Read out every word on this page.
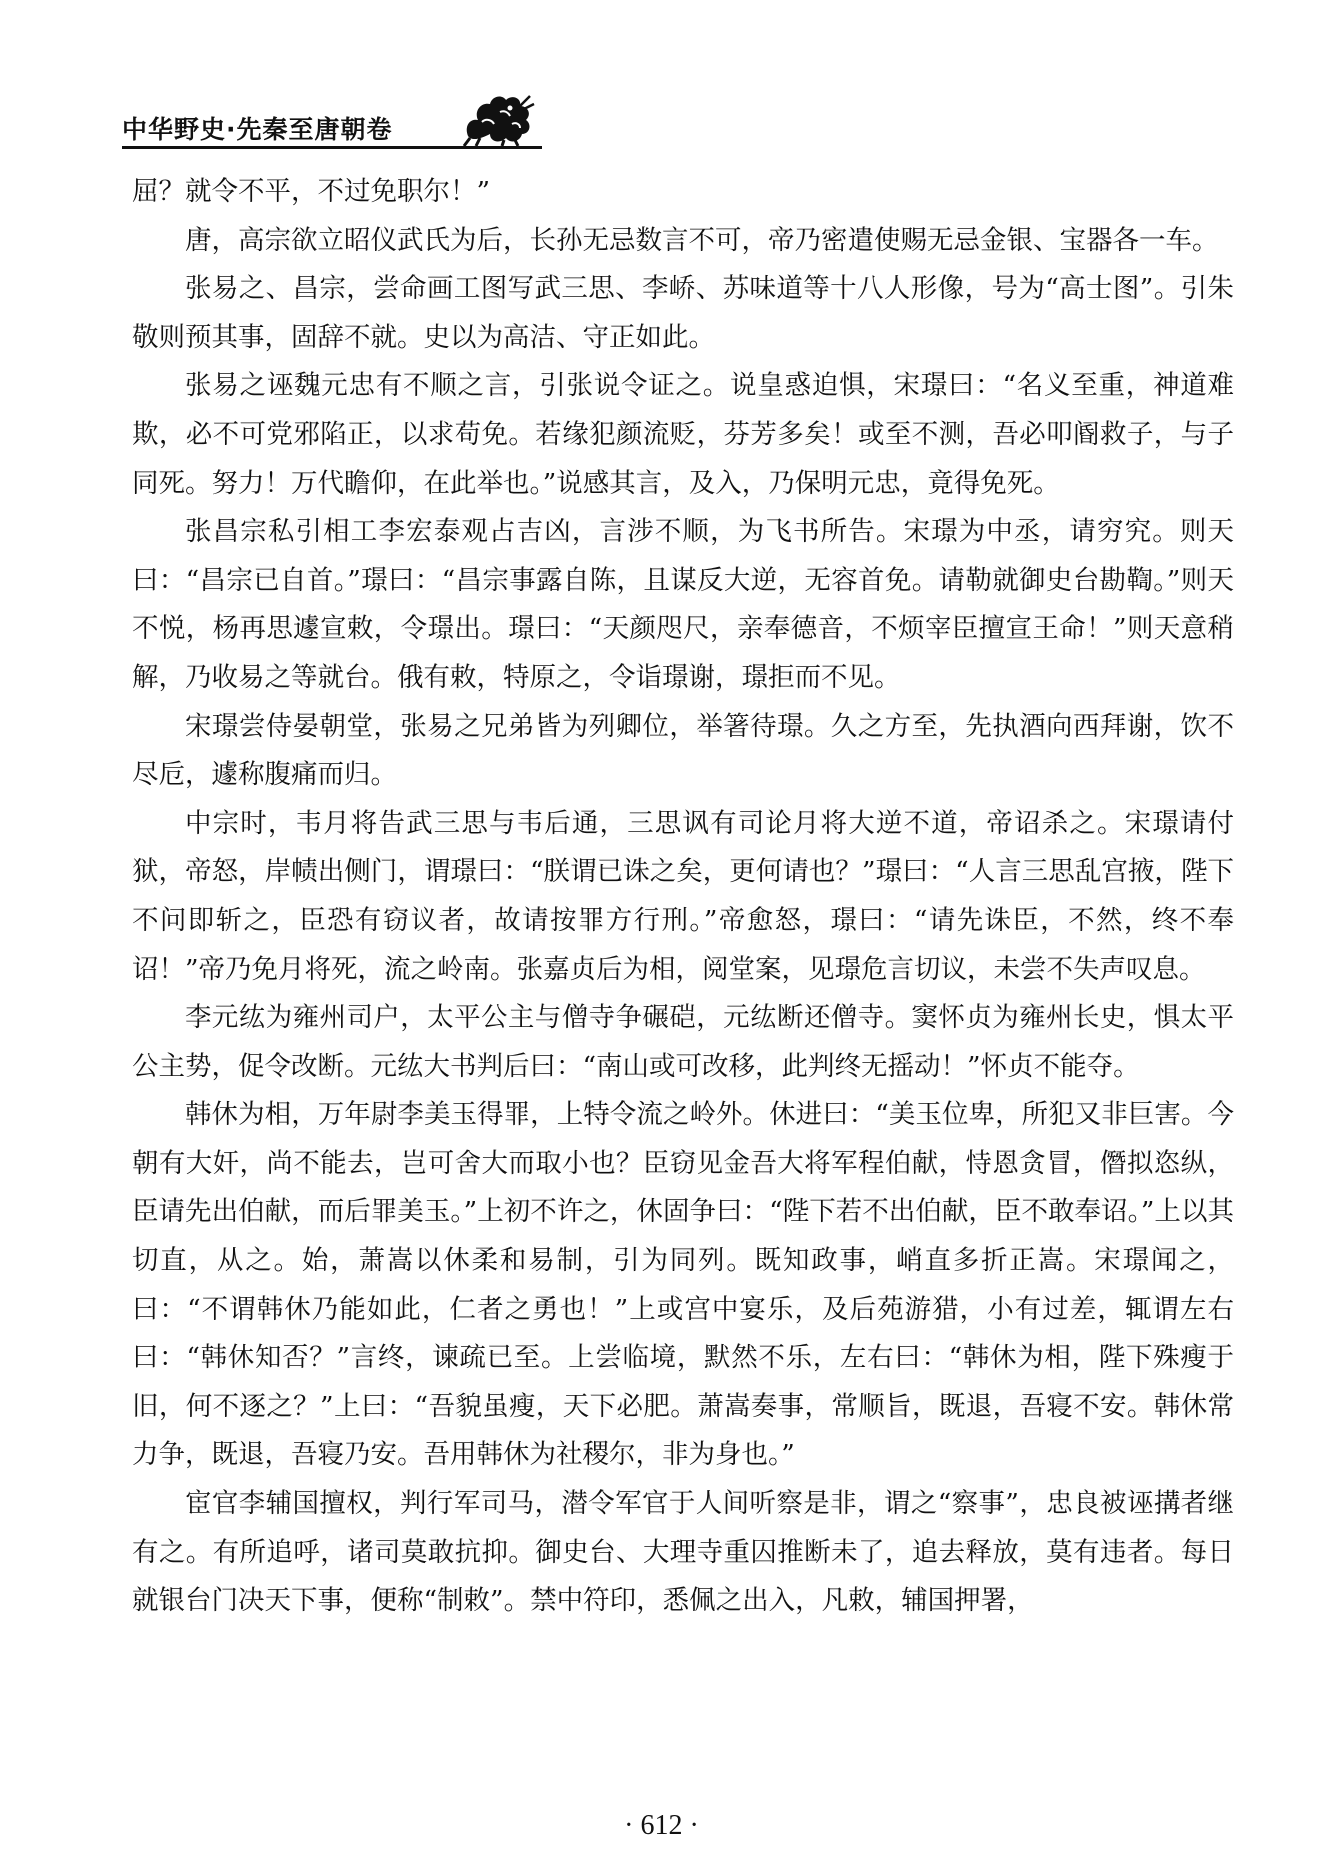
中华野史·先秦至唐朝卷

屈？就令不平，不过免职尔！”

唐，高宗欲立昭仪武氏为后，长孙无忌数言不可，帝乃密遣使赐无忌金银、宝器各一车。

张易之、昌宗，尝命画工图写武三思、李峤、苏味道等十八人形像，号为“高士图”。引朱敬则预其事，固辞不就。史以为高洁、守正如此。

张易之诬魏元忠有不顺之言，引张说令证之。说皇惑迫惧，宋璟曰：“名义至重，神道难欺，必不可党邪陷正，以求苟免。若缘犯颜流贬，芬芳多矣！或至不测，吾必叩阍救子，与子同死。努力！万代瞻仰，在此举也。”说感其言，及入，乃保明元忠，竟得免死。

张昌宗私引相工李宏泰观占吉凶，言涉不顺，为飞书所告。宋璟为中丞，请穷究。则天曰：“昌宗已自首。”璟曰：“昌宗事露自陈，且谋反大逆，无容首免。请勒就御史台勘鞫。”则天不悦，杨再思遽宣敕，令璟出。璟曰：“天颜咫尺，亲奉德音，不烦宰臣擅宣王命！”则天意稍解，乃收易之等就台。俄有敕，特原之，令诣璟谢，璟拒而不见。

宋璟尝侍晏朝堂，张易之兄弟皆为列卿位，举箸待璟。久之方至，先执酒向西拜谢，饮不尽卮，遽称腹痛而归。

中宗时，韦月将告武三思与韦后通，三思讽有司论月将大逆不道，帝诏杀之。宋璟请付狱，帝怒，岸帻出侧门，谓璟曰：“朕谓已诛之矣，更何请也？”璟曰：“人言三思乱宫掖，陛下不问即斩之，臣恐有窃议者，故请按罪方行刑。”帝愈怒，璟曰：“请先诛臣，不然，终不奉诏！”帝乃免月将死，流之岭南。张嘉贞后为相，阅堂案，见璟危言切议，未尝不失声叹息。

李元纮为雍州司户，太平公主与僧寺争碾硙，元纮断还僧寺。窦怀贞为雍州长史，惧太平公主势，促令改断。元纮大书判后曰：“南山或可改移，此判终无摇动！”怀贞不能夺。

韩休为相，万年尉李美玉得罪，上特令流之岭外。休进曰：“美玉位卑，所犯又非巨害。今朝有大奸，尚不能去，岂可舍大而取小也？臣窃见金吾大将军程伯献，恃恩贪冒，僭拟恣纵，臣请先出伯献，而后罪美玉。”上初不许之，休固争曰：“陛下若不出伯献，臣不敢奉诏。”上以其切直，从之。始，萧嵩以休柔和易制，引为同列。既知政事，峭直多折正嵩。宋璟闻之，曰：“不谓韩休乃能如此，仁者之勇也！”上或宫中宴乐，及后苑游猎，小有过差，辄谓左右曰：“韩休知否？”言终，谏疏已至。上尝临境，默然不乐，左右曰：“韩休为相，陛下殊瘦于旧，何不逐之？”上曰：“吾貌虽瘦，天下必肥。萧嵩奏事，常顺旨，既退，吾寝不安。韩休常力争，既退，吾寝乃安。吾用韩休为社稷尔，非为身也。”

宦官李辅国擅权，判行军司马，潜令军官于人间听察是非，谓之“察事”，忠良被诬搆者继有之。有所追呼，诸司莫敢抗抑。御史台、大理寺重囚推断未了，追去释放，莫有违者。每日就银台门决天下事，便称“制敕”。禁中符印，悉佩之出入，凡敕，辅国押署，

· 612 ·
